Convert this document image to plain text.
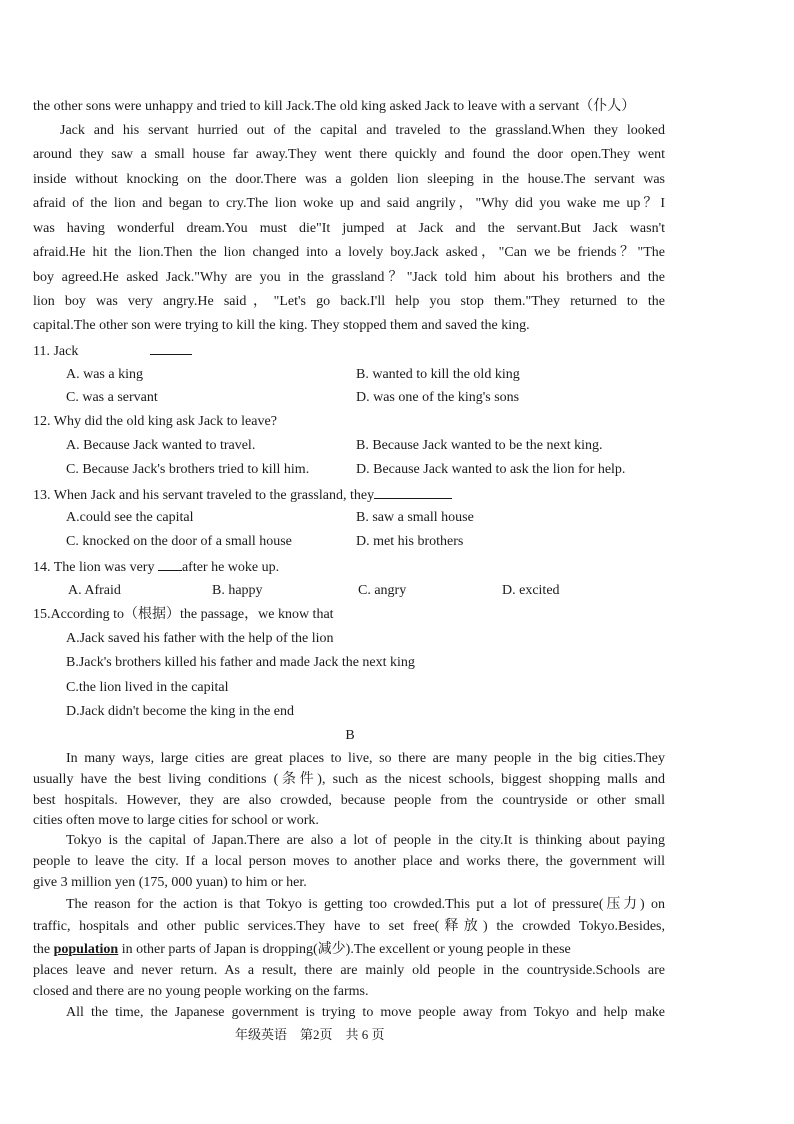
the other sons were unhappy and tried to kill Jack.The old king asked Jack to leave with a servant（仆人）
Jack and his servant hurried out of the capital and traveled to the grassland.When they looked
around they saw a small house far away.They went there quickly and found the door open.They went
inside without knocking on the door.There was a golden lion sleeping in the house.The servant was
afraid of the lion and began to cry.The lion woke up and said angrily，"Why did you wake me up？I
was having wonderful dream.You must die"It jumped at Jack and the servant.But Jack wasn't
afraid.He hit the lion.Then the lion changed into a lovely boy.Jack asked，"Can we be friends？"The
boy agreed.He asked Jack."Why are you in the grassland？"Jack told him about his brothers and the
lion boy was very angry.He said，"Let's go back.I'll help you stop them."They returned to the
capital.The other son were trying to kill the king. They stopped them and saved the king.
11. Jack
A. was a king	B. wanted to kill the old king
C. was a servant	D. was one of the king's sons
12. Why did the old king ask Jack to leave?
A. Because Jack wanted to travel.	B. Because Jack wanted to be the next king.
C. Because Jack's brothers tried to kill him.	D. Because Jack wanted to ask the lion for help.
13. When Jack and his servant traveled to the grassland, they
A.could see the capital	B. saw a small house
C. knocked on the door of a small house	D. met his brothers
14. The lion was very after he woke up.
A. Afraid	B. happy	C. angry	D. excited
15.According to（根据）the passage，we know that
A.Jack saved his father with the help of the lion
B.Jack's brothers killed his father and made Jack the next king
C.the lion lived in the capital
D.Jack didn't become the king in the end
B
In many ways, large cities are great places to live, so there are many people in the big cities.They
usually have the best living conditions (条件), such as the nicest schools, biggest shopping malls and
best hospitals. However, they are also crowded, because people from the countryside or other small
cities often move to large cities for school or work.
Tokyo is the capital of Japan.There are also a lot of people in the city.It is thinking about paying
people to leave the city. If a local person moves to another place and works there, the government will
give 3 million yen (175, 000 yuan) to him or her.
The reason for the action is that Tokyo is getting too crowded.This put a lot of pressure(压力) on
traffic, hospitals and other public services.They have to set free(释放) the crowded Tokyo.Besides,
the population in other parts of Japan is dropping(减少).The excellent or young people in these
places leave and never return. As a result, there are mainly old people in the countryside.Schools are
closed and there are no young people working on the farms.
All the time, the Japanese government is trying to move people away from Tokyo and help make
年级英语　第2页　共 6 页
